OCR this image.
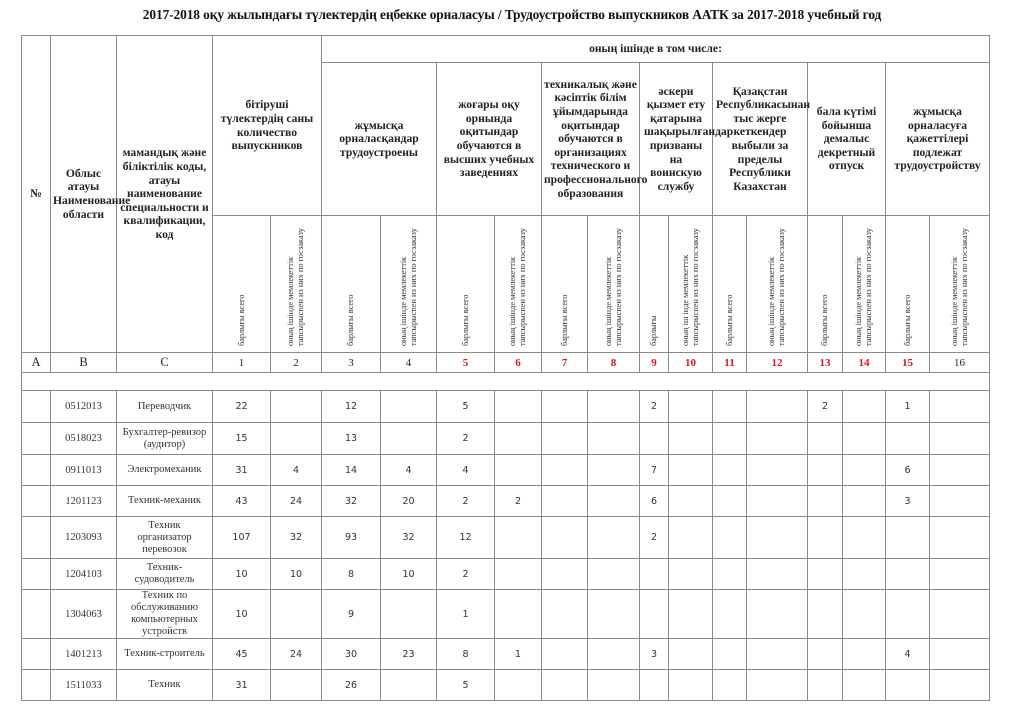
2017-2018 оқу жылындағы түлектердің еңбекке орналасуы / Трудоустройство выпускников ААТК за 2017-2018 учебный год
№	Облыс атауы Наименование области	мамандық және біліктілік коды, атауы наименование специальности и квалификации, код	бітіруші түлектердің саны количество выпускников		оның ішінде в том числе:													

					жұмысқа орналасқандар трудоустроены		жоғары оқу орнында оқитындар обучаются в высших учебных заведениях		техникалық және кәсіптік білім ұйымдарында оқитындар обучаются в организациях технического и профессионального образования		әскери қызмет ету қатарына шақырылғандар призваны на воинскую службу		Қазақстан Республикасынан тыс жерге кеткендер выбыли за пределы Республики Казахстан		бала күтімі бойынша демалыс декретный отпуск		жұмысқа орналасуға қажеттілері подлежат трудоустройству	

			барлығы всего	оның ішінде мемлекеттік тапсырыспен из них по госзаказу	барлығы всего	оның ішінде мемлекеттік тапсырыспен из них по госзаказу	барлығы всего	оның ішінде мемлекеттік тапсырыспен из них по госзаказу	барлығы всего	оның ішінде мемлекеттік тапсырыспен из них по госзаказу	барлығы	оның іш інде мемлекеттік тапсырыспен из них по госзаказу	барлығы всего	оның ішінде мемлекеттік тапсырыспен из них по госзаказу	барлығы всего	оның ішінде мемлекеттік тапсырыспен из них по госзаказу	барлығы всего	оның ішінде мемлекеттік тапсырыспен из них по госзаказу

A	B	C	1	2	3	4	5	6	7	8	9	10	11	12	13	14	15	16

	0512013	Переводчик	22		12		5				2				2		1	
	0518023	Бухгалтер-ревизор (аудитор)	15		13		2											
	0911013	Электромеханик	31	4	14	4	4				7						6	
	1201123	Техник-механик	43	24	32	20	2	2			6						3	
	1203093	Техник организатор перевозок	107	32	93	32	12				2							
	1204103	Техник-судоводитель	10	10	8	10	2											
	1304063	Техник по обслуживанию компьютерных устройств	10		9		1											
	1401213	Техник-строитель	45	24	30	23	8	1			3						4	
	1511033	Техник	31		26		5											
